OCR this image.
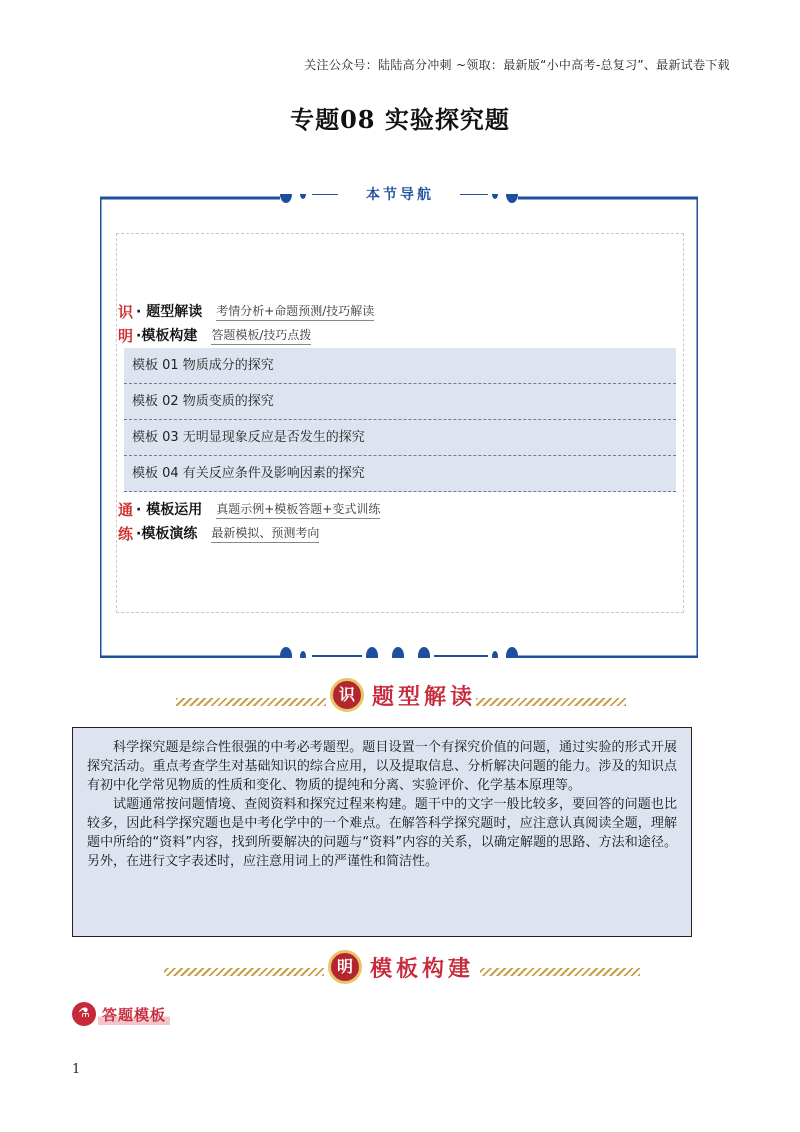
关注公众号：陆陆高分冲刺 ~领取：最新版“小中高考-总复习”、最新试卷下载
专题08 实验探究题
本节导航
识 · 题型解读 考情分析+命题预测/技巧解读
明 ·模板构建 答题模板/技巧点拨
模板 01 物质成分的探究
模板 02 物质变质的探究
模板 03 无明显现象反应是否发生的探究
模板 04 有关反应条件及影响因素的探究
通 · 模板运用 真题示例+模板答题+变式训练
练 ·模板演练 最新模拟、预测考向
识 题型解读

科学探究题是综合性很强的中考必考题型。题目设置一个有探究价值的问题，通过实验的形式开展探究活动。重点考查学生对基础知识的综合应用，以及提取信息、分析解决问题的能力。涉及的知识点有初中化学常见物质的性质和变化、物质的提纯和分离、实验评价、化学基本原理等。

试题通常按问题情境、查阅资料和探究过程来构建。题干中的文字一般比较多，要回答的问题也比较多，因此科学探究题也是中考化学中的一个难点。在解答科学探究题时，应注意认真阅读全题，理解题中所给的“资料”内容，找到所要解决的问题与“资料”内容的关系，以确定解题的思路、方法和途径。另外，在进行文字表述时，应注意用词上的严谨性和简洁性。

明 模板构建
⚗ 答题模板
1
